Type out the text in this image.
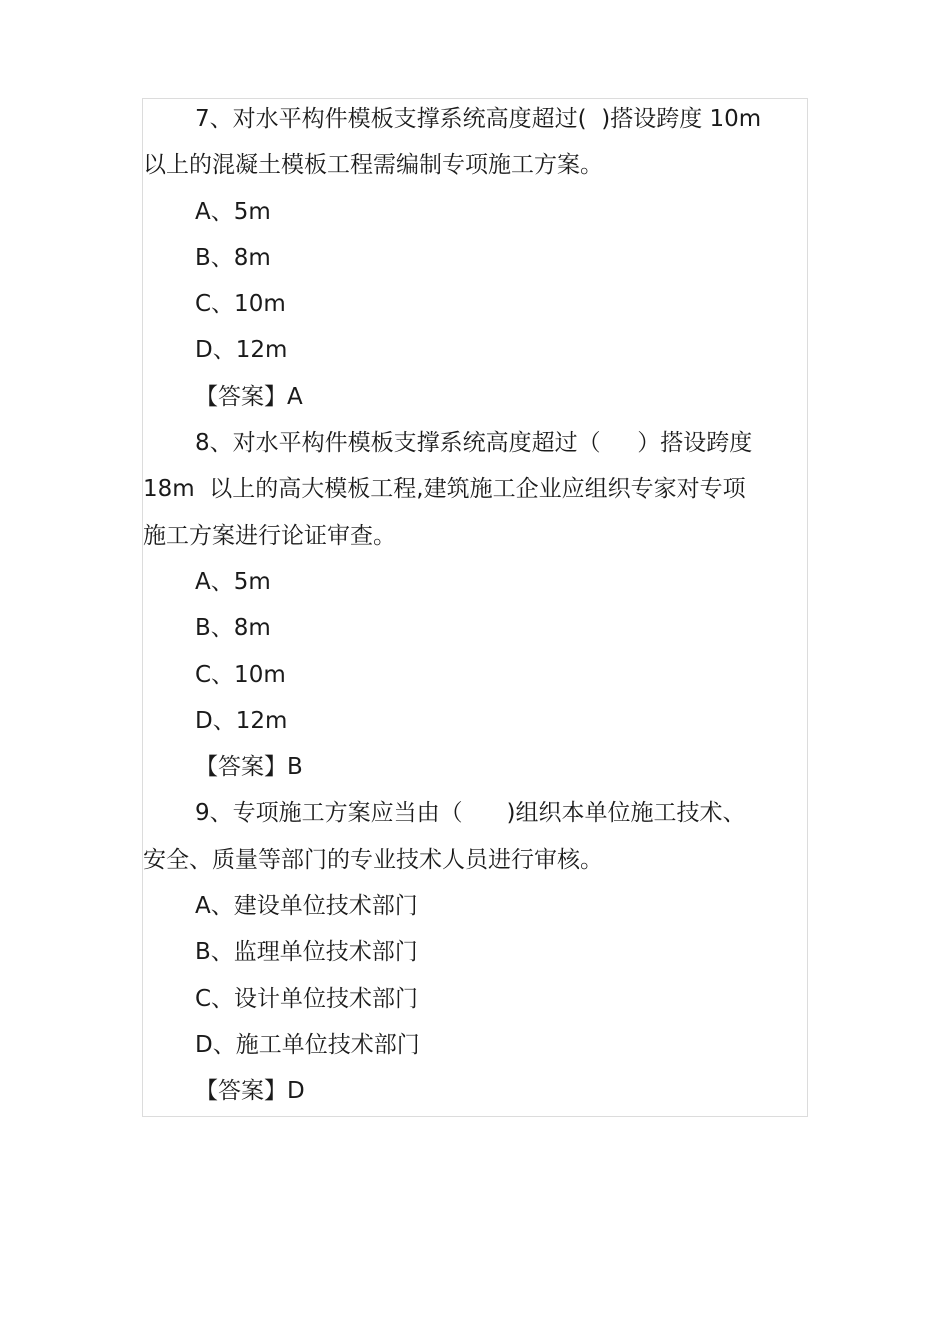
7、对水平构件模板支撑系统高度超过(  )搭设跨度 10m
以上的混凝土模板工程需编制专项施工方案。
A、5m
B、8m
C、10m
D、12m
【答案】A
8、对水平构件模板支撑系统高度超过（     ）搭设跨度
18m  以上的高大模板工程,建筑施工企业应组织专家对专项
施工方案进行论证审查。
A、5m
B、8m
C、10m
D、12m
【答案】B
9、专项施工方案应当由（      )组织本单位施工技术、
安全、质量等部门的专业技术人员进行审核。
A、建设单位技术部门
B、监理单位技术部门
C、设计单位技术部门
D、施工单位技术部门
【答案】D
